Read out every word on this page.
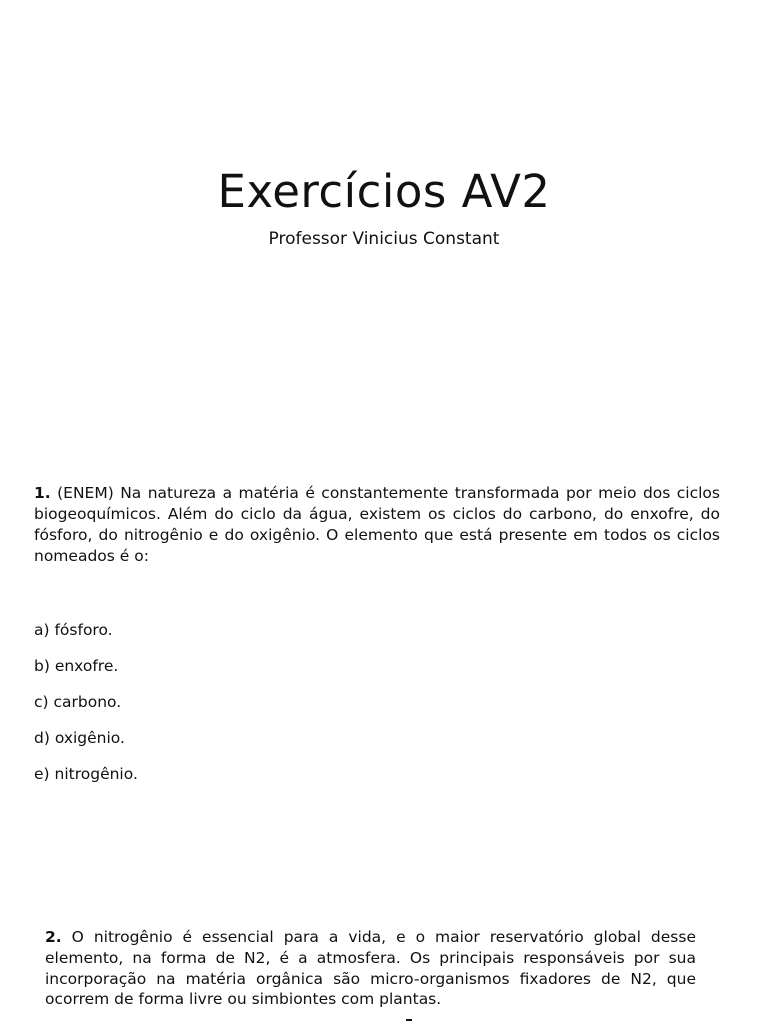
Exercícios AV2

Professor Vinicius Constant

1. (ENEM) Na natureza a matéria é constantemente transformada por meio dos ciclos biogeoquímicos. Além do ciclo da água, existem os ciclos do carbono, do enxofre, do fósforo, do nitrogênio e do oxigênio. O elemento que está presente em todos os ciclos nomeados é o:

a) fósforo.
b) enxofre.
c) carbono.
d) oxigênio.
e) nitrogênio.

2. O nitrogênio é essencial para a vida, e o maior reservatório global desse elemento, na forma de N2, é a atmosfera. Os principais responsáveis por sua incorporação na matéria orgânica são micro-organismos fixadores de N2, que ocorrem de forma livre ou simbiontes com plantas.
